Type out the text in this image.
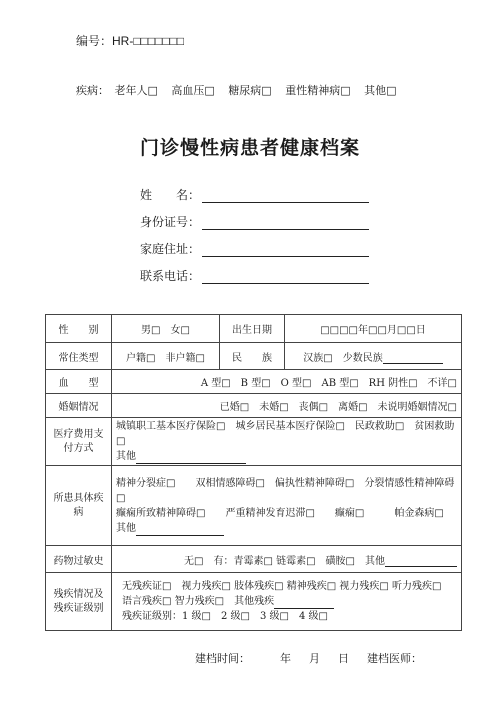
编号：HR-□□□□□□□
疾病： 老年人□ 高血压□ 糖尿病□ 重性精神病□ 其他□
门诊慢性病患者健康档案
姓　　名：
身份证号：
家庭住址：
联系电话：
性　　别	男□　女□	出生日期	□□□□年□□月□□日
常住类型	户籍□　非户籍□	民　　族	汉族□　少数民族
血　　型	A 型□　B 型□　O 型□　AB 型□　RH 阴性□　不详□		
婚姻情况	已婚□　未婚□　丧偶□　离婚□　未说明婚姻情况□		
医疗费用支付方式	城镇职工基本医疗保险□　城乡居民基本医疗保险□　民政救助□　贫困救助□
其他		

所患具体疾病	精神分裂症□　　双相情感障碍□　偏执性精神障碍□　分裂情感性精神障碍□
癫痫所致精神障碍□　　严重精神发育迟滞□　　癫痫□　　　帕金森病□
其他		

药物过敏史	无□　有：青霉素□ 链霉素□　磺胺□　其他		
残疾情况及残疾证级别	无残疾证□　视力残疾□ 肢体残疾□ 精神残疾□ 视力残疾□ 听力残疾□
语言残疾□ 智力残疾□　其他残疾
残疾证级别：1 级□　2 级□　3 级□　4 级□		
建档时间：	年 月 日 建档医师：
